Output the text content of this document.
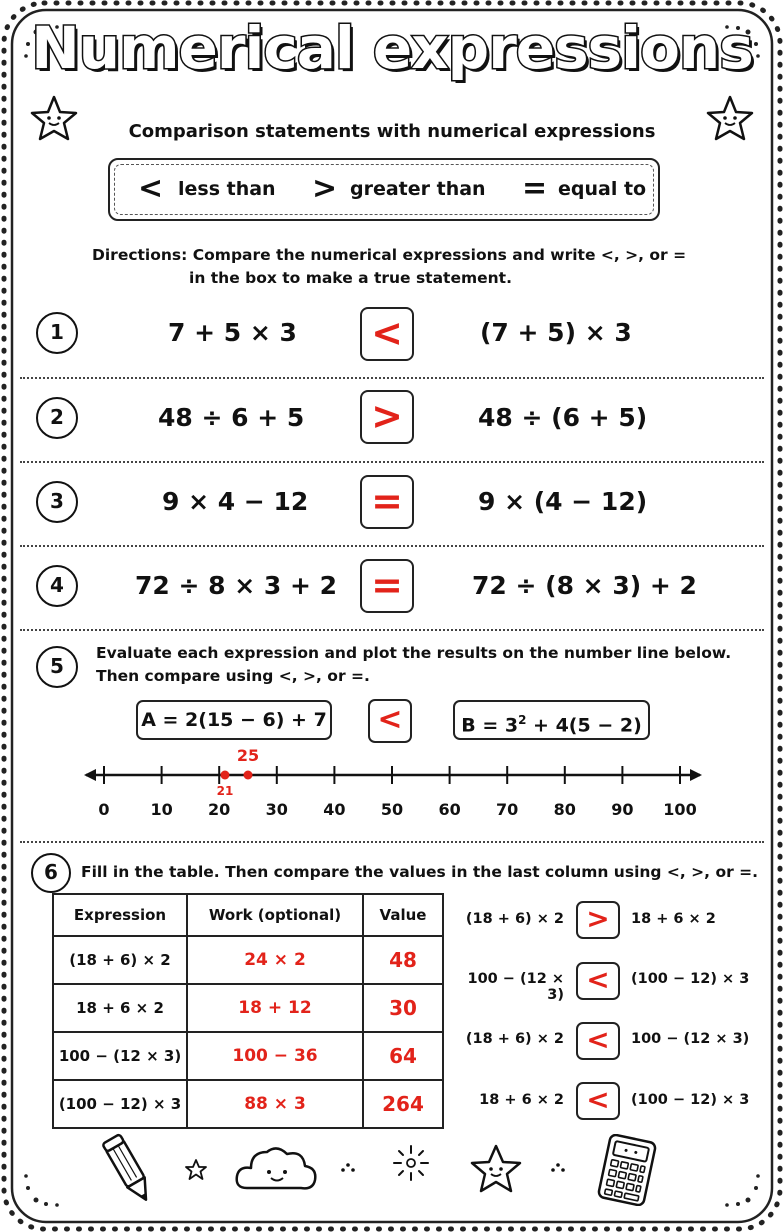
Numerical expressions
Comparison statements with numerical expressions
< less than > greater than = equal to
Directions: Compare the numerical expressions and write <, >, or =
in the box to make a true statement.
1	7 + 5 × 3 <	(7 + 5) × 3
2	48 ÷ 6 + 5 >	48 ÷ (6 + 5)
3	9 × 4 − 12 =	9 × (4 − 12)
4	72 ÷ 8 × 3 + 2 =	72 ÷ (8 × 3) + 2
5
Evaluate each expression and plot the results on the number line below.
Then compare using <, >, or =.
A = 2(15 − 6) + 7	<	$B = 3^2 + 4(5 - 2)$
0	10	20	30	40	50	60	70	80	90	100
21
25
6	Fill in the table. Then compare the values in the last column using <, >, or =.
Expression	Work (optional)	Value
(18 + 6) × 2	24 × 2	48
18 + 6 × 2	18 + 12	30
100 − (12 × 3)	100 − 36	64
(100 − 12) × 3	88 × 3	264
(18 + 6) × 2 >	18 + 6 × 2
100 − (12 × 3) <	(100 − 12) × 3
(18 + 6) × 2 <	100 − (12 × 3)
18 + 6 × 2 <	(100 − 12) × 3
